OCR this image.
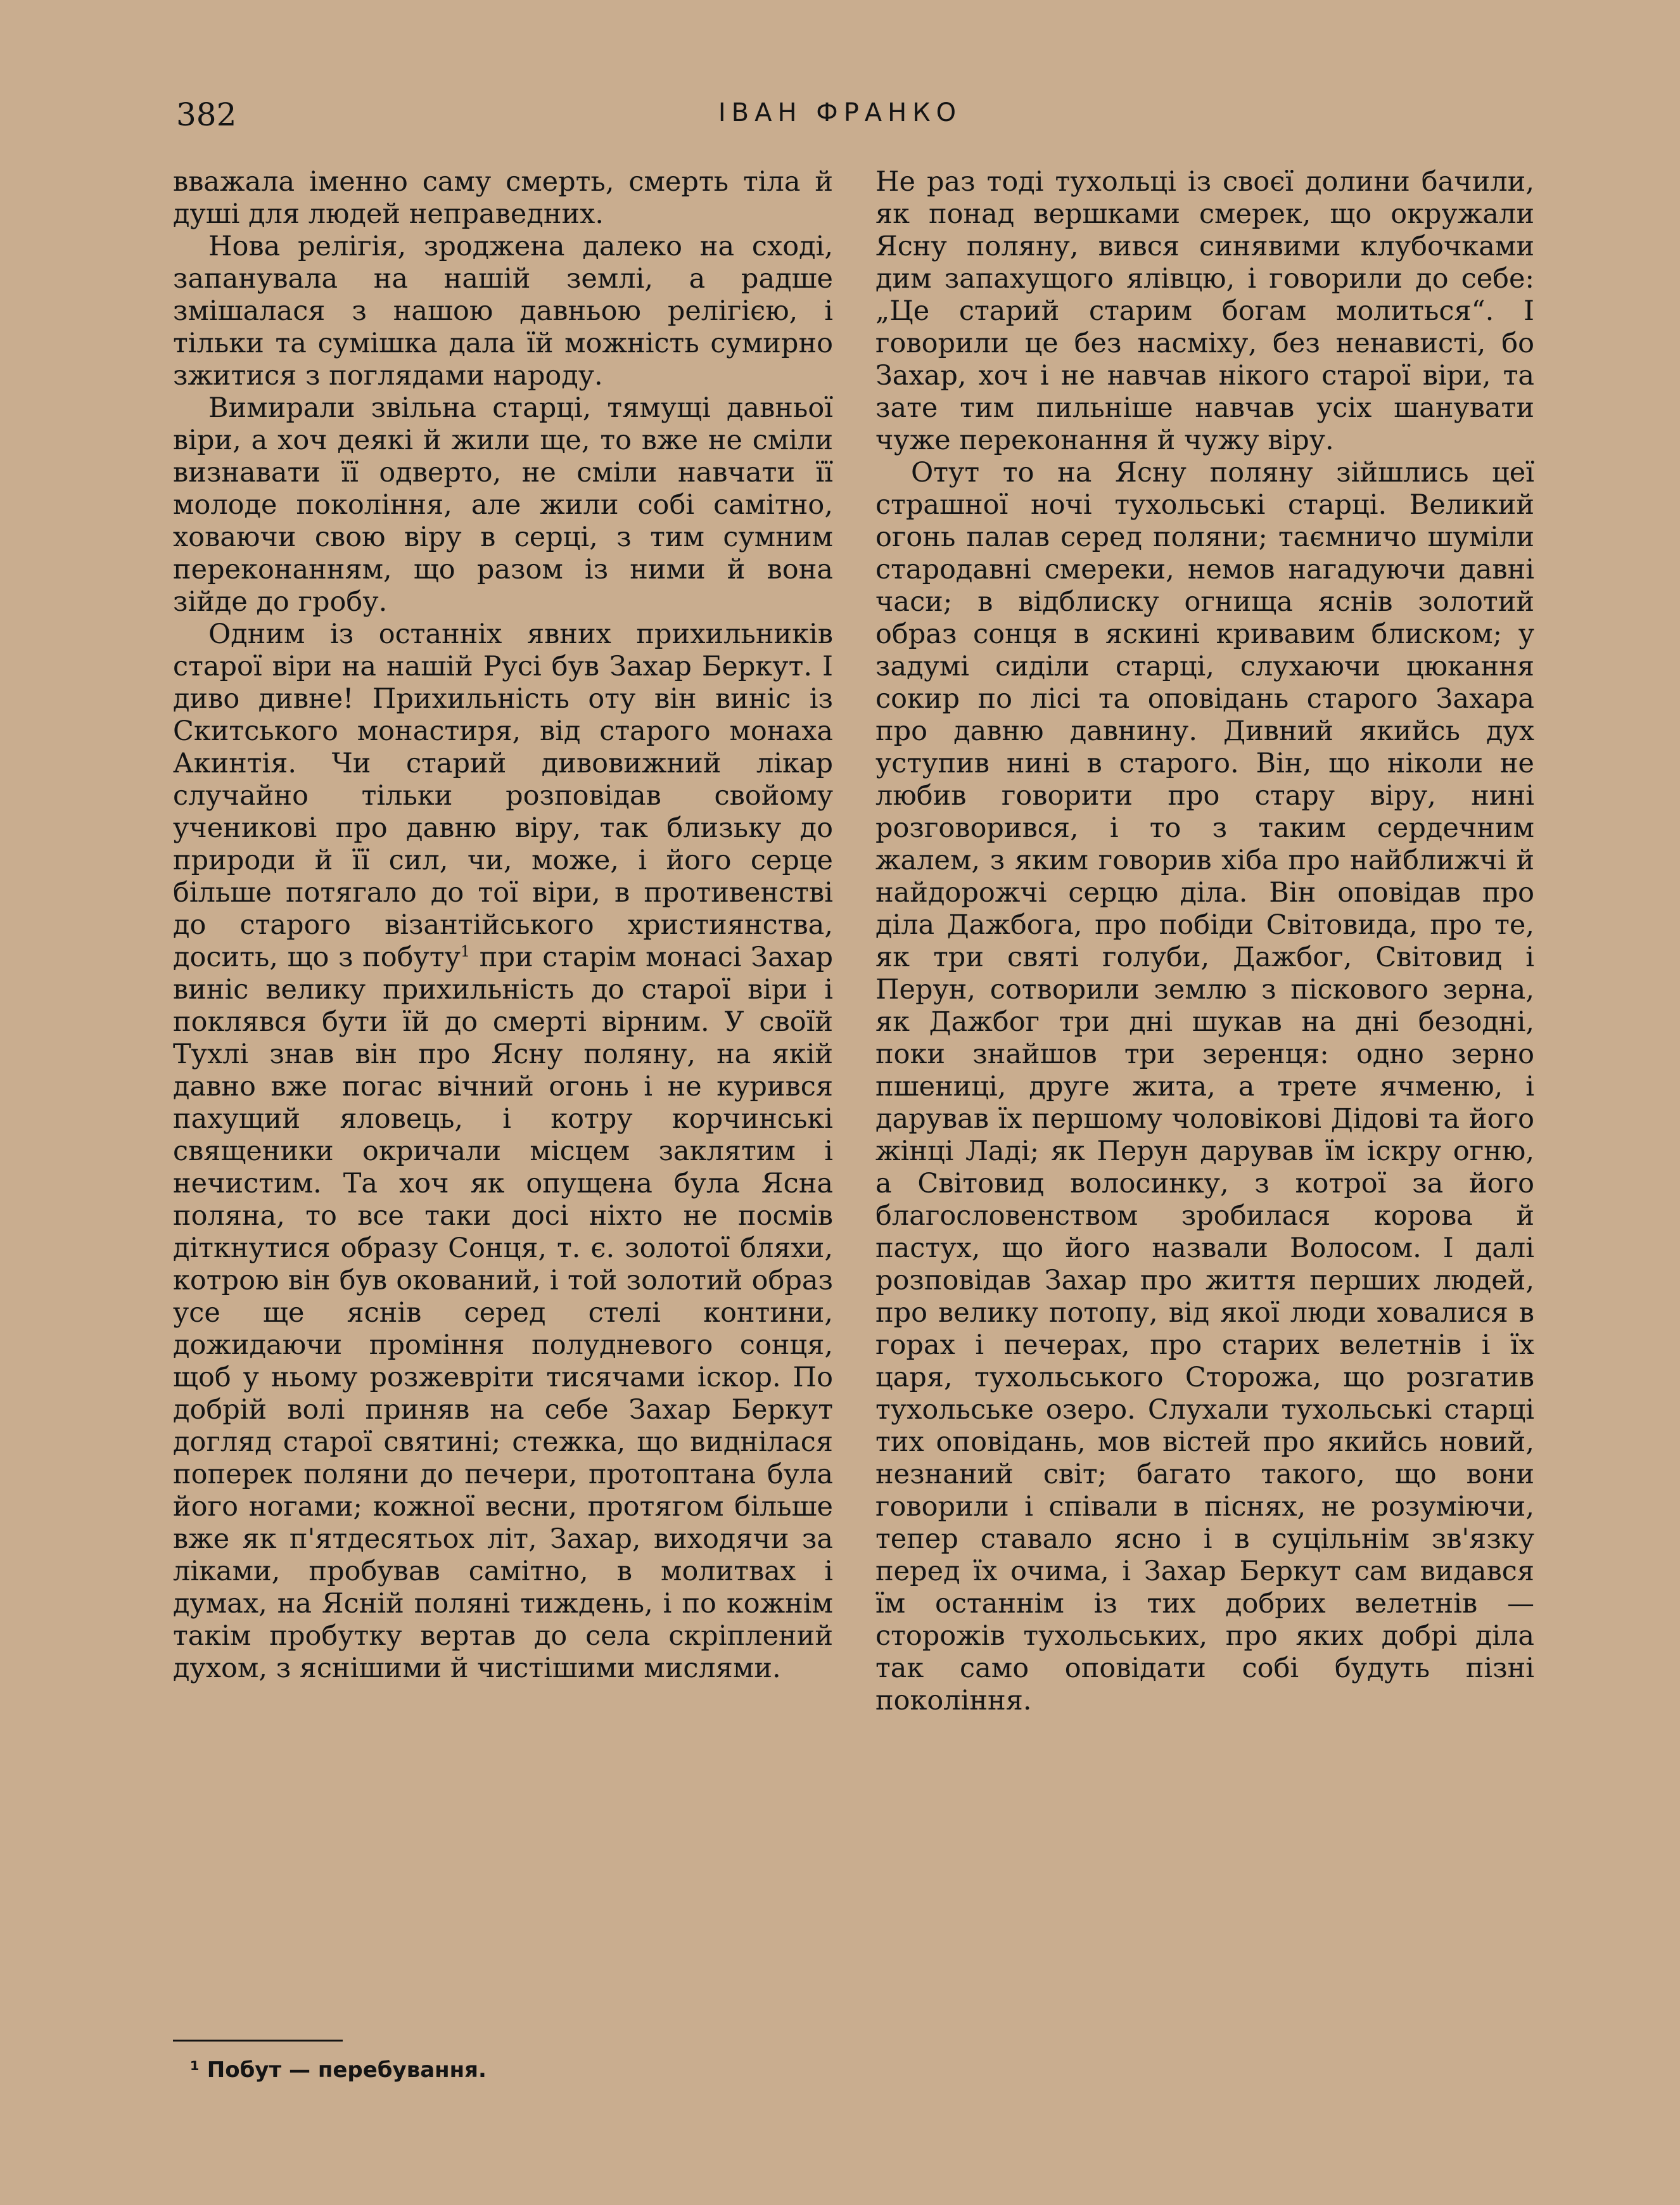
382	ІВАН ФРАНКО

вважала іменно саму смерть, смерть тіла й душі для людей неправедних.

Нова релігія, зроджена далеко на сході, запанувала на нашій землі, а радше змішалася з нашою давньою релігією, і тільки та сумішка дала їй можність сумирно зжитися з поглядами народу.

Вимирали звільна старці, тямущі давньої віри, а хоч деякі й жили ще, то вже не сміли визнавати її одверто, не сміли навчати її молоде покоління, але жили собі самітно, ховаючи свою віру в серці, з тим сумним переконанням, що разом із ними й вона зійде до гробу.

Одним із останніх явних прихильників старої віри на нашій Русі був Захар Беркут. І диво дивне! Прихильність оту він виніс із Скитського монастиря, від старого монаха Акинтія. Чи старий дивовижний лікар случайно тільки розповідав свойому ученикові про давню віру, так близьку до природи й її сил, чи, може, і його серце більше потягало до тої віри, в противенстві до старого візантійського християнства, досить, що з побуту$^1$ при старім монасі Захар виніс велику прихильність до старої віри і поклявся бути їй до смерті вірним. У своїй Тухлі знав він про Ясну поляну, на якій давно вже погас вічний огонь і не курився пахущий яловець, і котру корчинські священики окричали місцем заклятим і нечистим. Та хоч як опущена була Ясна поляна, то все таки досі ніхто не посмів діткнутися образу Сонця, т. є. золотої бляхи, котрою він був окований, і той золотий образ усе ще яснів серед стелі контини, дожидаючи проміння полудневого сонця, щоб у ньому розжевріти тисячами іскор. По добрій волі приняв на себе Захар Беркут догляд старої святині; стежка, що виднілася поперек поляни до печери, протоптана була його ногами; кожної весни, протягом більше вже як п'ятдесятьох літ, Захар, виходячи за ліками, пробував самітно, в молитвах і думах, на Ясній поляні тиждень, і по кожнім такім пробутку вертав до села скріплений духом, з яснішими й чистішими мислями.

Не раз тоді тухольці із своєї долини бачили, як понад вершками смерек, що окружали Ясну поляну, вився синявими клубочками дим запахущого ялівцю, і говорили до себе: „Це старий старим богам молиться“. І говорили це без насміху, без ненависті, бо Захар, хоч і не навчав нікого старої віри, та зате тим пильніше навчав усіх шанувати чуже переконання й чужу віру.

Отут то на Ясну поляну зійшлись цеї страшної ночі тухольські старці. Великий огонь палав серед поляни; таємничо шуміли стародавні смереки, немов нагадуючи давні часи; в відблиску огнища яснів золотий образ сонця в яскині кривавим блиском; у задумі сиділи старці, слухаючи цюкання сокир по лісі та оповідань старого Захара про давню давнину. Дивний якийсь дух уступив нині в старого. Він, що ніколи не любив говорити про стару віру, нині розговорився, і то з таким сердечним жалем, з яким говорив хіба про найближчі й найдорожчі серцю діла. Він оповідав про діла Дажбога, про побіди Світовида, про те, як три святі голуби, Дажбог, Світовид і Перун, сотворили землю з піскового зерна, як Дажбог три дні шукав на дні безодні, поки знайшов три зеренця: одно зерно пшениці, друге жита, а трете ячменю, і дарував їх першому чоловікові Дідові та його жінці Ладі; як Перун дарував їм іскру огню, а Світовид волосинку, з котрої за його благословенством зробилася корова й пастух, що його назвали Волосом. І далі розповідав Захар про життя перших людей, про велику потопу, від якої люди ховалися в горах і печерах, про старих велетнів і їх царя, тухольського Сторожа, що розгатив тухольське озеро. Слухали тухольські старці тих оповідань, мов вістей про якийсь новий, незнаний світ; багато такого, що вони говорили і співали в піснях, не розуміючи, тепер ставало ясно і в суцільнім зв'язку перед їх очима, і Захар Беркут сам видався їм останнім із тих добрих велетнів — сторожів тухольських, про яких добрі діла так само оповідати собі будуть пізні покоління.

¹ Побут — перебування.
